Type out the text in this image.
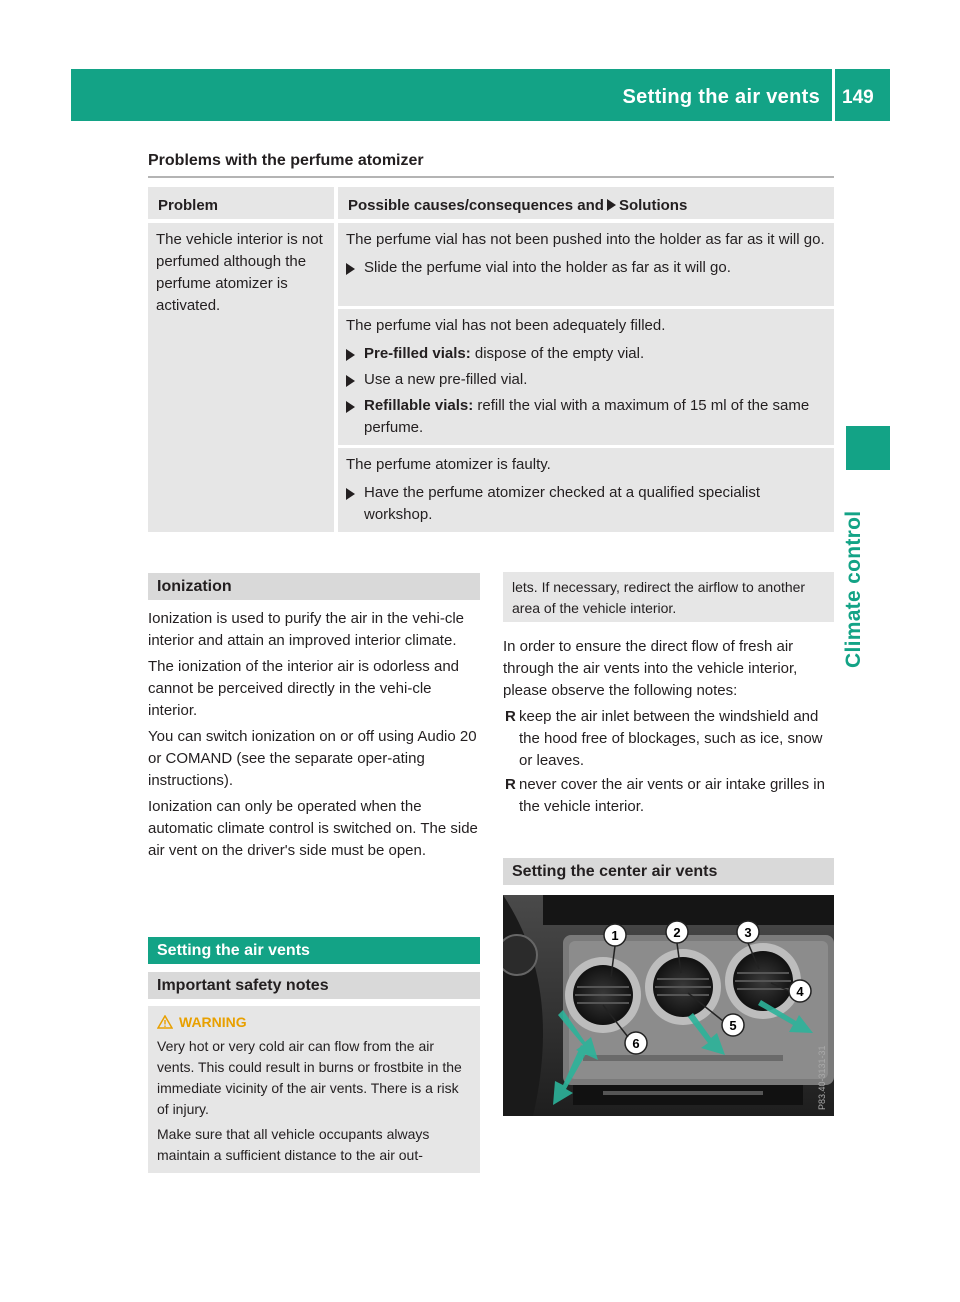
Setting the air vents 149
Climate control
Problems with the perfume atomizer
Problem	Possible causes/consequences and Solutions
The vehicle interior is not perfumed although the perfume atomizer is activated.

The perfume vial has not been pushed into the holder as far as it will go.

Slide the perfume vial into the holder as far as it will go.

The perfume vial has not been adequately filled.

Pre-filled vials: dispose of the empty vial.
Use a new pre-filled vial.
Refillable vials: refill the vial with a maximum of 15 ml of the same perfume.

The perfume atomizer is faulty.

Have the perfume atomizer checked at a qualified specialist workshop.
Ionization

Ionization is used to purify the air in the vehi-cle interior and attain an improved interior climate.

The ionization of the interior air is odorless and cannot be perceived directly in the vehi-cle interior.

You can switch ionization on or off using Audio 20 or COMAND (see the separate oper-ating instructions).

Ionization can only be operated when the automatic climate control is switched on. The side air vent on the driver's side must be open.

Setting the air vents
Important safety notes
WARNING

Very hot or very cold air can flow from the air vents. This could result in burns or frostbite in the immediate vicinity of the air vents. There is a risk of injury.

Make sure that all vehicle occupants always maintain a sufficient distance to the air out-

lets. If necessary, redirect the airflow to another area of the vehicle interior.

In order to ensure the direct flow of fresh air through the air vents into the vehicle interior, please observe the following notes:

R keep the air inlet between the windshield and the hood free of blockages, such as ice, snow or leaves.
R never cover the air vents or air intake grilles in the vehicle interior.
Setting the center air vents
1	2	3
4
5
6
P83.40-3131-31
